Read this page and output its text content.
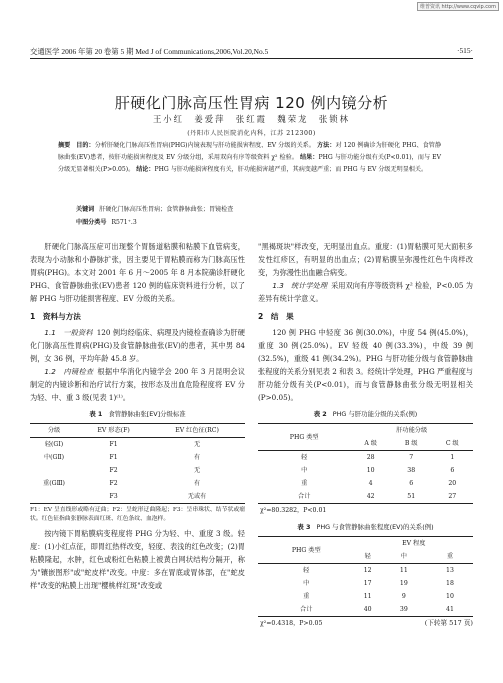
维普资讯 http://www.cqvip.com
交通医学 2006 年第 20 卷第 5 期 Med J of Communications,2006,Vol.20,No.5	·515·
肝硬化门脉高压性胃病 120 例内镜分析
王小红　姜爱萍　张红霞　魏荣龙　张锁林
(丹阳市人民医院消化内科，江苏 212300)
摘要 目的：分析肝硬化门脉高压性胃病(PHG)内镜表现与肝功能损害程度、EV 分级的关系。 方法：对 120 例确诊为肝硬化 PHG、食管静脉曲张(EV)患者，按肝功能损害程度及 EV 分级分组，采用双向有序等级资料 χ² 检验。 结果：PHG 与肝功能分级有关(P<0.01)，而与 EV 分级无显著相关(P>0.05)。 结论：PHG 与肝功能损害程度有关，肝功能损害越严重，其病变越严重；而 PHG 与 EV 分级无明显相关。
关键词 肝硬化门脉高压性胃病；食管静脉曲张；胃镜检查
中图分类号 R571⁺.3

肝硬化门脉高压症可出现整个胃肠道粘膜和粘膜下血管病变，表现为小动脉和小静脉扩张，因主要见于胃粘膜而称为门脉高压性胃病(PHG)。本文对 2001 年 6 月～2005 年 8 月本院确诊肝硬化 PHG、食管静脉曲张(EV)患者 120 例的临床资料进行分析，以了解 PHG 与肝功能损害程度、EV 分级的关系。

1　资料与方法

1.1　一般资料 120 例均经临床、病理及内镜检查确诊为肝硬化门脉高压性胃病(PHG)及食管静脉曲张(EV)的患者，其中男 84 例，女 36 例，平均年龄 45.8 岁。

1.2　内镜检查 根据中华消化内镜学会 200 年 3 月昆明会议制定的内镜诊断和治疗试行方案，按形态及出血危险程度将 EV 分为轻、中、重 3 级(见表 1)⁽¹⁾。

表 1 食管静脉曲张[EV]分级标准
分级	EV 形态(F)	EV 红色征(RC)
轻(GⅠ)	F1	无
中(GⅡ)	F1	有
	F2	无
重(GⅢ)	F2	有
	F3	无或有
F1：EV 呈直线形或略有迂曲；F2：呈蛇形迂曲隆起；F3：呈串珠状、结节状或瘤状。红色征指曲张静脉表面红斑、红色条纹、血泡样。

按内镜下胃粘膜病变程度将 PHG 分为轻、中、重度 3 级。轻度：(1)小红点征，即胃红热样改变，轻度、表浅的红色改变；(2)胃粘膜隆起，水肿，红色或粉红色粘膜上被黄白网状结构分隔开，称为"镶嵌图形"或"蛇皮样"改变。中度：多在胃底或胃体部，在"蛇皮样"改变的粘膜上出现"樱桃样红斑"改变或

"黑褐斑块"样改变，无明显出血点。重度：(1)胃粘膜可见大面积多发性红疹区，有明显的出血点；(2)胃粘膜呈弥漫性红色牛肉样改变，为弥漫性出血融合病变。

1.3　统计学处理 采用双向有序等级资料 χ² 检验，P<0.05 为差异有统计学意义。

2　结　果

120 例 PHG 中轻度 36 例(30.0%)，中度 54 例(45.0%)，重度 30 例(25.0%)。EV 轻级 40 例(33.3%)，中级 39 例(32.5%)，重级 41 例(34.2%)。PHG 与肝功能分级与食管静脉曲张程度的关系分别见表 2 和表 3。经统计学处理，PHG 严重程度与肝功能分级有关(P<0.01)，而与食管静脉曲张分级无明显相关(P>0.05)。

表 2 PHG 与肝功能分级的关系(例)
PHG 类型	肝功能分级		
	A 级	B 级	C 级
轻	28	7	1
中	10	38	6
重	4	6	20
合计	42	51	27
χ²=80.3282，P<0.01			
表 3 PHG 与食管静脉曲张程度(EV)的关系(例)
PHG 类型	EV 程度		
	轻	中	重
轻	12	11	13
中	17	19	18
重	11	9	10
合计	40	39	41
χ²=0.4318，P>0.05		(下转第 517 页)	
